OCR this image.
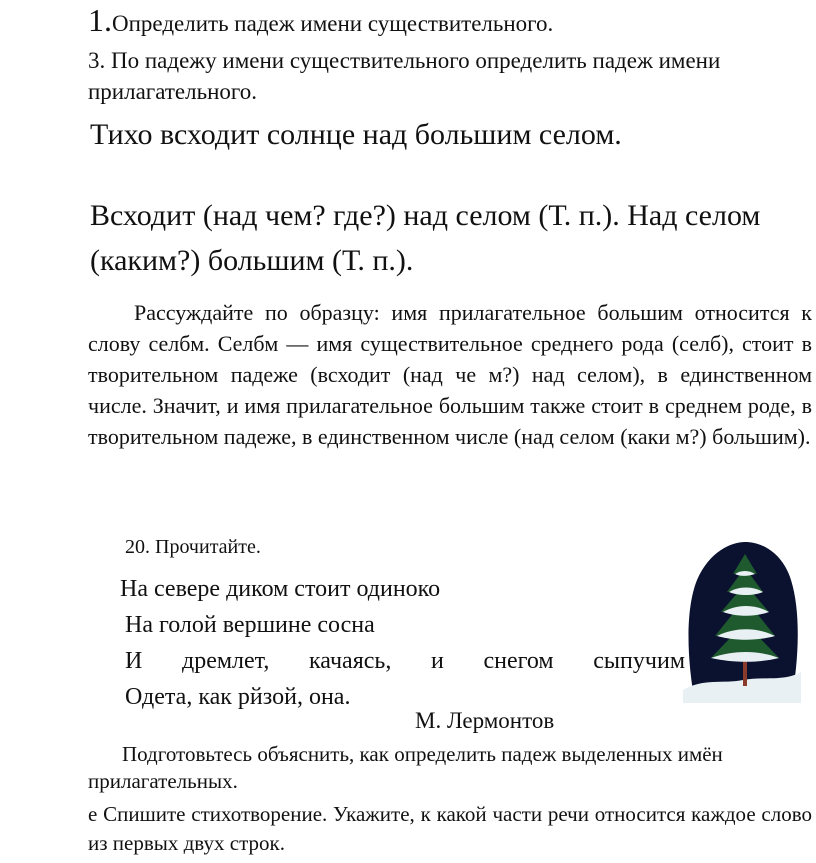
1.Определить падеж имени существительного.
3. По падежу имени существительного определить падеж имени прилагательного.
Тихо всходит солнце над большим селом.
Всходит (над чем? где?) над селом (Т. п.). Над селом (каким?) большим (Т. п.).
Рассуждайте по образцу: имя прилагательное большим относится к слову селбм. Селбм — имя существительное среднего рода (селб), стоит в творительном падеже (всходит (над че м?) над селом), в единственном числе. Значит, и имя прилагательное большим также стоит в среднем роде, в творительном падеже, в единственном числе (над селом (каки м?) большим).
20. Прочитайте.
На севере диком стоит одиноко
На голой вершине сосна
И дремлет, качаясь, и снегом сыпучим
Одета, как рйзой, она.
М. Лермонтов
Подготовьтесь объяснить, как определить падеж выделенных имён прилагательных.
е Спишите стихотворение. Укажите, к какой части речи относится каждое слово из первых двух строк.
